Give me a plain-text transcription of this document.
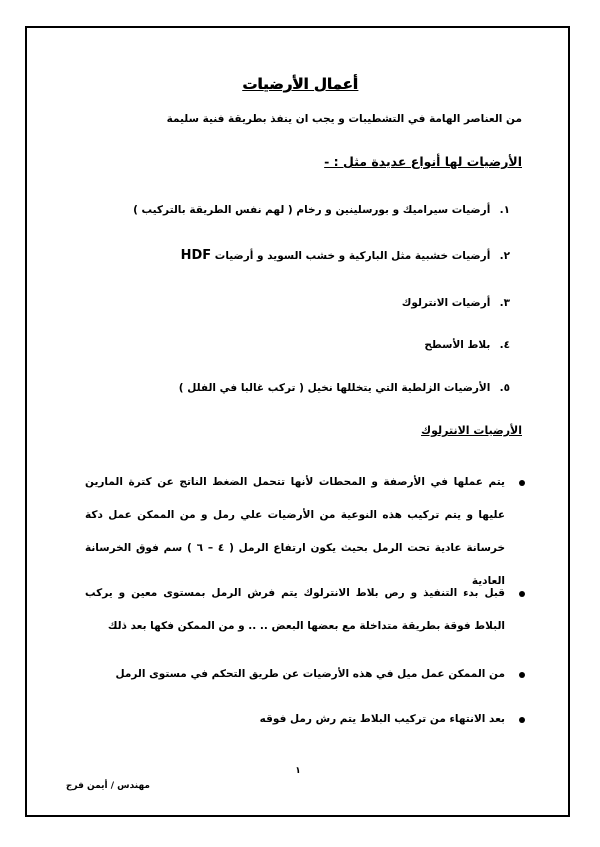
أعمال الأرضيات
من العناصر الهامة في التشطيبات و يجب ان ينفذ بطريقة فنية سليمة
الأرضيات لها أنواع عديدة مثل : -
١. أرضيات سيراميك و بورسلينين و رخام ( لهم نفس الطريقة بالتركيب )
٢. أرضيات خشبية مثل الباركية و خشب السويد و أرضيات HDF
٣. أرضيات الانترلوك
٤. بلاط الأسطح
٥. الأرضيات الزلطية التي يتخللها نخيل ( تركب غالبا في الفلل )
الأرضيات الانترلوك
يتم عملها في الأرصفة و المحطات لأنها تتحمل الضغط الناتج عن كترة المارين عليها و يتم تركيب هذه النوعية من الأرضيات علي رمل و من الممكن عمل دكة خرسانة عادية تحت الرمل بحيث يكون ارتفاع الرمل ( ٤ – ٦ ) سم فوق الخرسانة العادية
قبل بدء التنفيذ و رص بلاط الانترلوك يتم فرش الرمل بمستوى معين و يركب البلاط فوقة بطريقة متداخلة مع بعضها البعض .. .. و من الممكن فكها بعد ذلك
من الممكن عمل ميل في هذه الأرضيات عن طريق التحكم في مستوى الرمل
بعد الانتهاء من تركيب البلاط يتم رش رمل فوقه
١
مهندس / أيمن فرج
